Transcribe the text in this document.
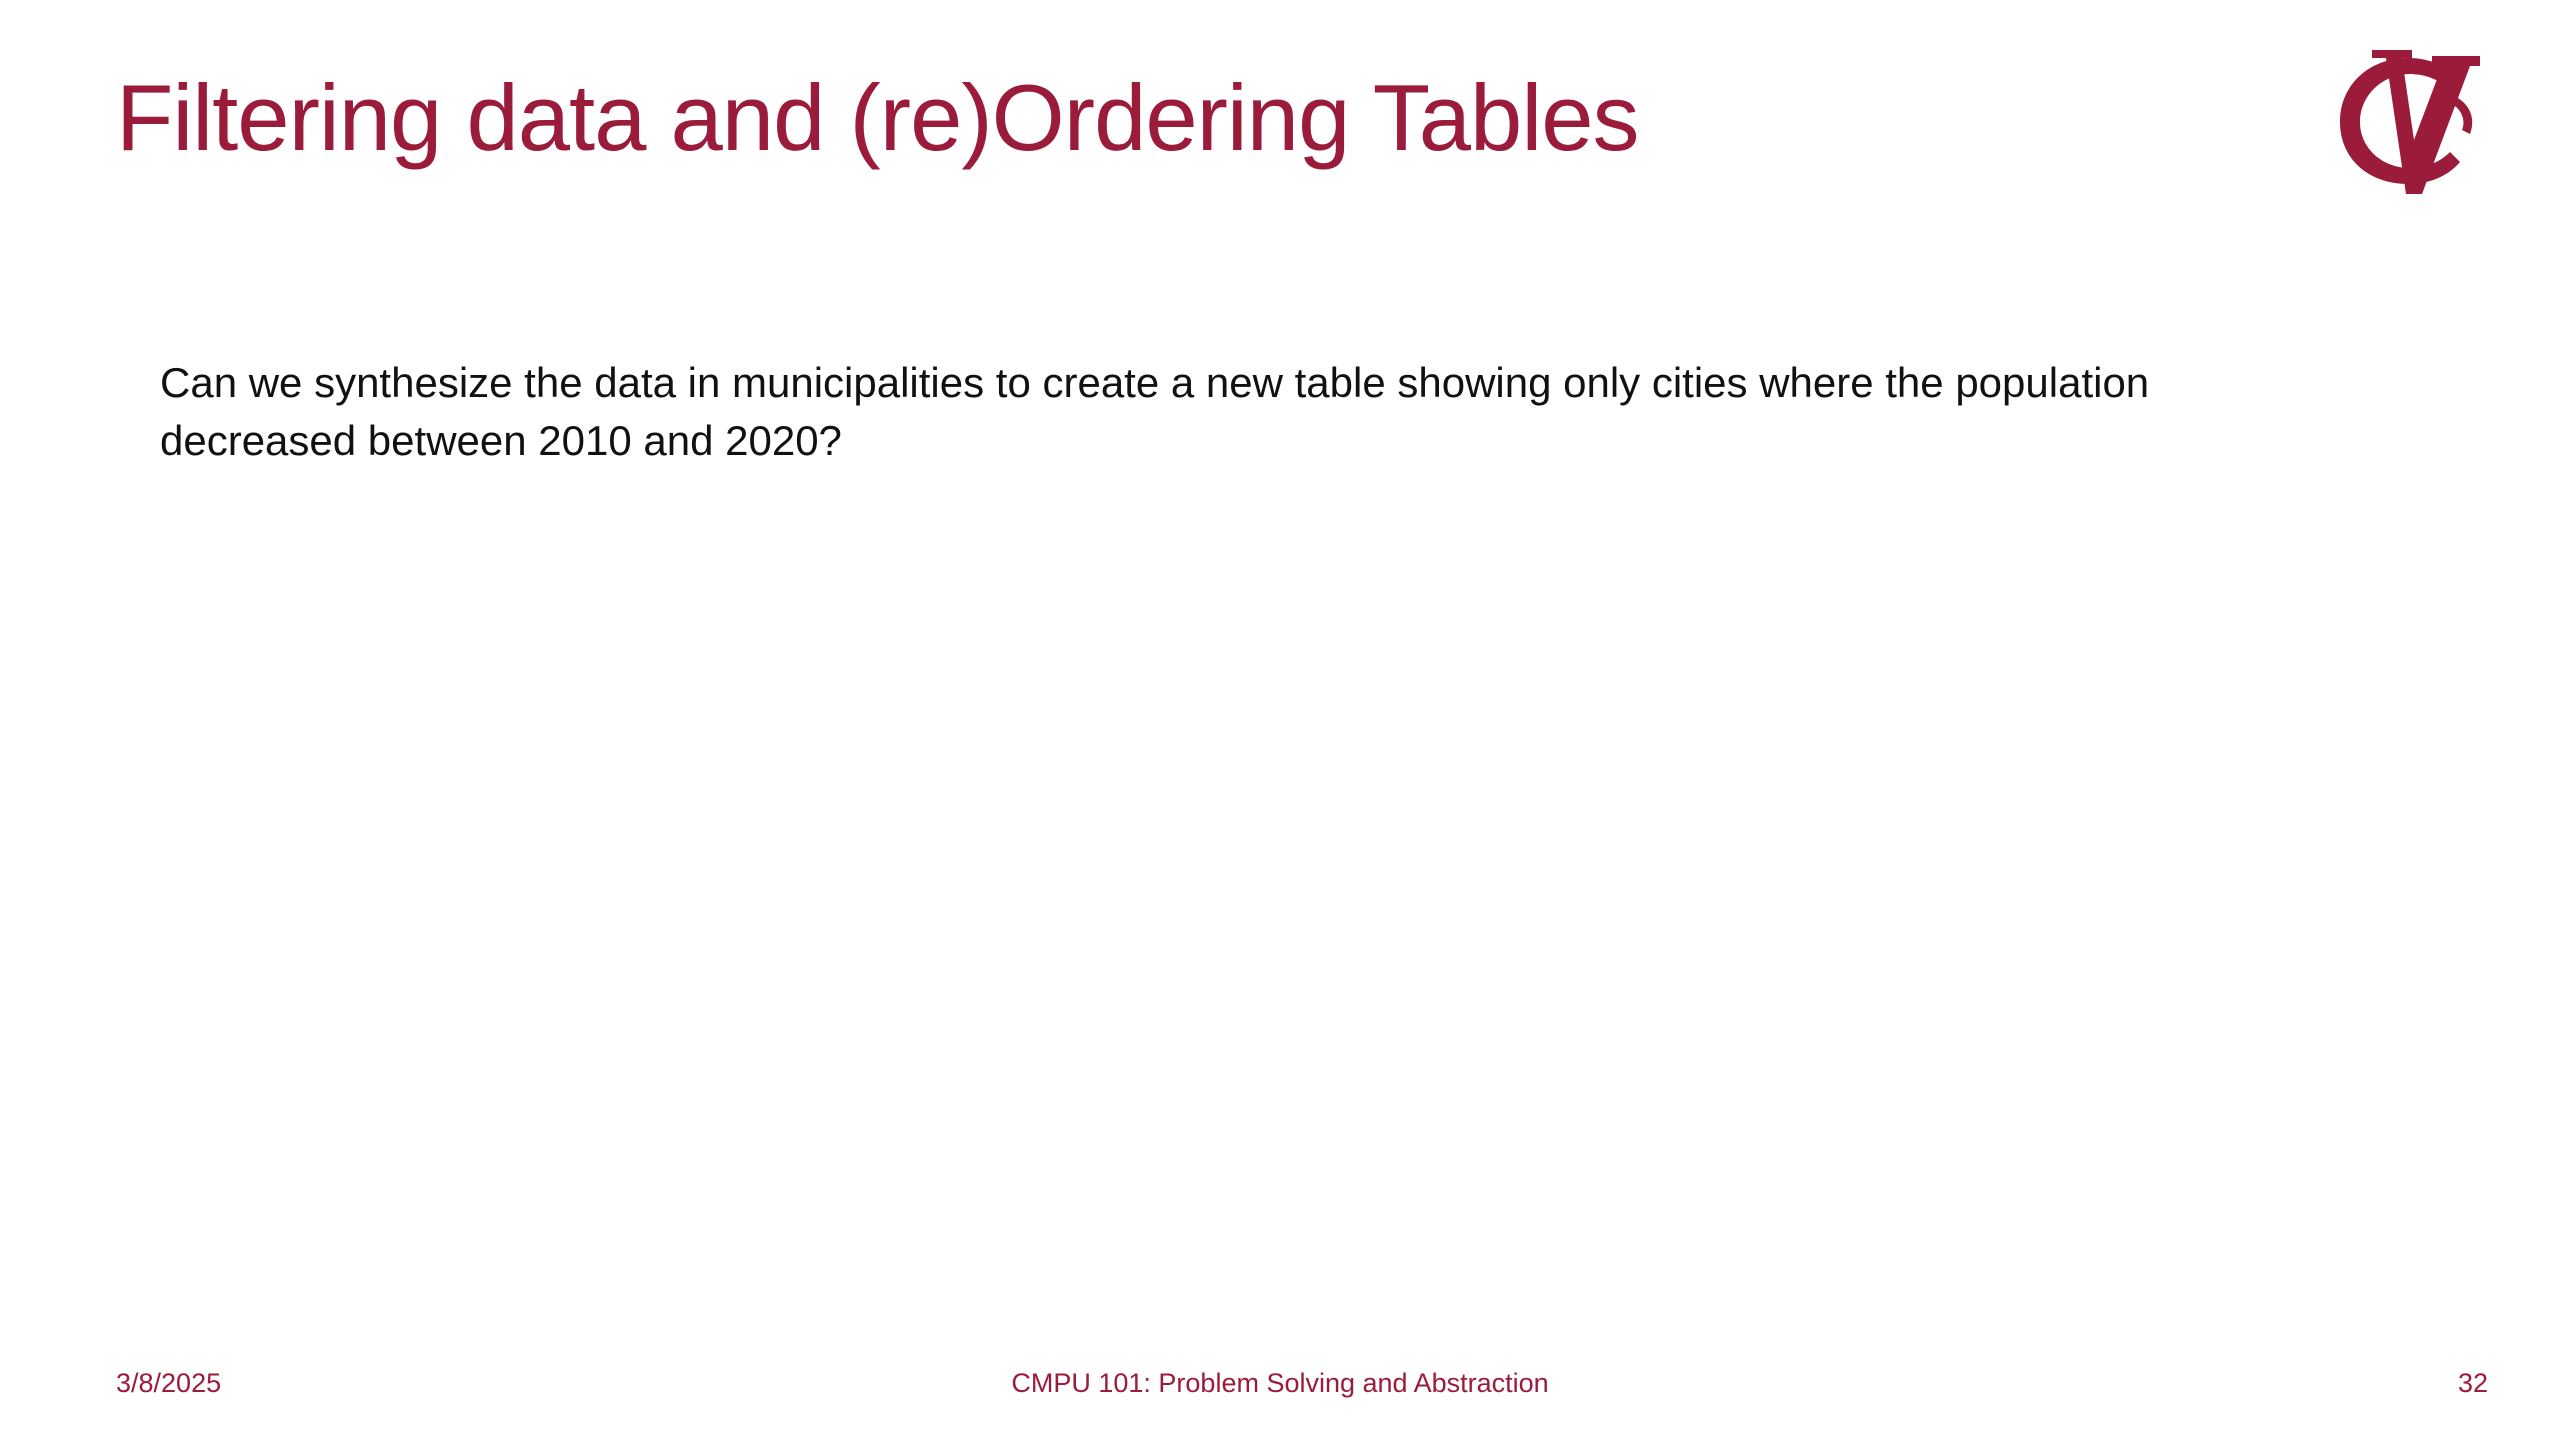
Filtering data and (re)Ordering Tables

Can we synthesize the data in municipalities to create a new table showing only cities where the population decreased between 2010 and 2020?

3/8/2025	CMPU 101: Problem Solving and Abstraction	32
